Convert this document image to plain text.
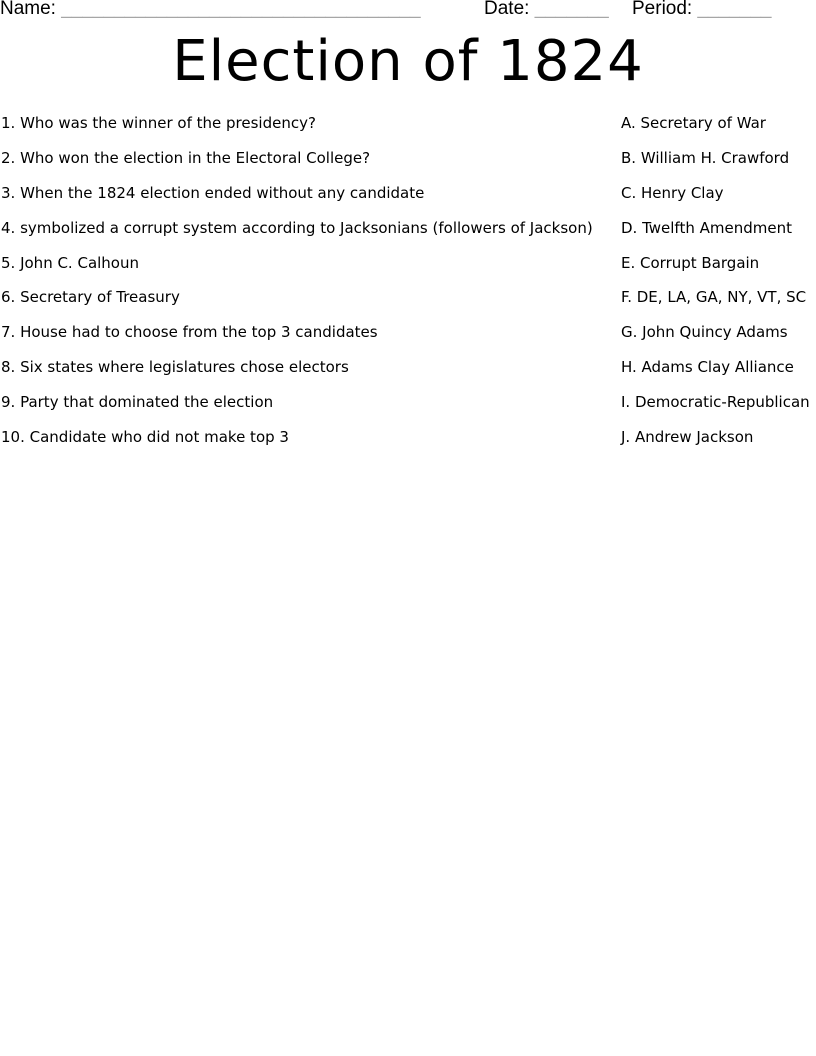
Name: __________________________________	Date: _______ Period: _______
Election of 1824
1. Who was the winner of the presidency?
2. Who won the election in the Electoral College?
3. When the 1824 election ended without any candidate
4. symbolized a corrupt system according to Jacksonians (followers of Jackson)
5. John C. Calhoun
6. Secretary of Treasury
7. House had to choose from the top 3 candidates
8. Six states where legislatures chose electors
9. Party that dominated the election
10. Candidate who did not make top 3
A. Secretary of War
B. William H. Crawford
C. Henry Clay
D. Twelfth Amendment
E. Corrupt Bargain
F. DE, LA, GA, NY, VT, SC
G. John Quincy Adams
H. Adams Clay Alliance
I. Democratic-Republican
J. Andrew Jackson
